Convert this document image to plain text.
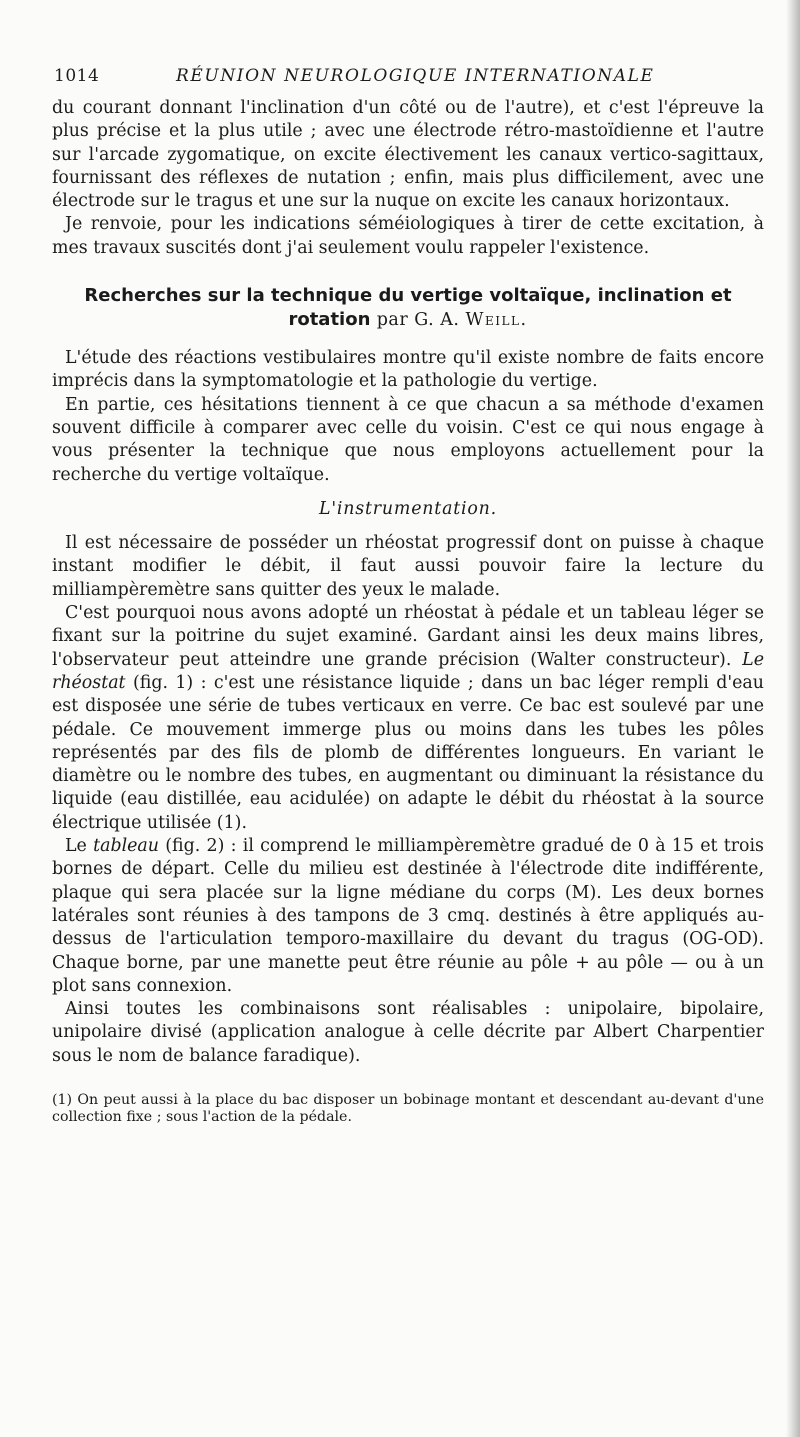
1014	RÉUNION NEUROLOGIQUE INTERNATIONALE

du courant donnant l'inclination d'un côté ou de l'autre), et c'est l'épreuve la plus précise et la plus utile ; avec une électrode rétro-mastoïdienne et l'autre sur l'arcade zygomatique, on excite électivement les canaux vertico-sagittaux, fournissant des réflexes de nutation ; enfin, mais plus difficilement, avec une électrode sur le tragus et une sur la nuque on excite les canaux horizontaux.

Je renvoie, pour les indications séméiologiques à tirer de cette excitation, à mes travaux suscités dont j'ai seulement voulu rappeler l'existence.

Recherches sur la technique du vertige voltaïque, inclination et rotation par G. A. Weill.

L'étude des réactions vestibulaires montre qu'il existe nombre de faits encore imprécis dans la symptomatologie et la pathologie du vertige.

En partie, ces hésitations tiennent à ce que chacun a sa méthode d'examen souvent difficile à comparer avec celle du voisin. C'est ce qui nous engage à vous présenter la technique que nous employons actuellement pour la recherche du vertige voltaïque.

L'instrumentation.

Il est nécessaire de posséder un rhéostat progressif dont on puisse à chaque instant modifier le débit, il faut aussi pouvoir faire la lecture du milliampèremètre sans quitter des yeux le malade.

C'est pourquoi nous avons adopté un rhéostat à pédale et un tableau léger se fixant sur la poitrine du sujet examiné. Gardant ainsi les deux mains libres, l'observateur peut atteindre une grande précision (Walter constructeur). Le rhéostat (fig. 1) : c'est une résistance liquide ; dans un bac léger rempli d'eau est disposée une série de tubes verticaux en verre. Ce bac est soulevé par une pédale. Ce mouvement immerge plus ou moins dans les tubes les pôles représentés par des fils de plomb de différentes longueurs. En variant le diamètre ou le nombre des tubes, en augmentant ou diminuant la résistance du liquide (eau distillée, eau acidulée) on adapte le débit du rhéostat à la source électrique utilisée (1).

Le tableau (fig. 2) : il comprend le milliampèremètre gradué de 0 à 15 et trois bornes de départ. Celle du milieu est destinée à l'électrode dite indifférente, plaque qui sera placée sur la ligne médiane du corps (M). Les deux bornes latérales sont réunies à des tampons de 3 cmq. destinés à être appliqués au-dessus de l'articulation temporo-maxillaire du devant du tragus (OG-OD). Chaque borne, par une manette peut être réunie au pôle + au pôle — ou à un plot sans connexion.

Ainsi toutes les combinaisons sont réalisables : unipolaire, bipolaire, unipolaire divisé (application analogue à celle décrite par Albert Charpentier sous le nom de balance faradique).

(1) On peut aussi à la place du bac disposer un bobinage montant et descendant au-devant d'une collection fixe ; sous l'action de la pédale.
